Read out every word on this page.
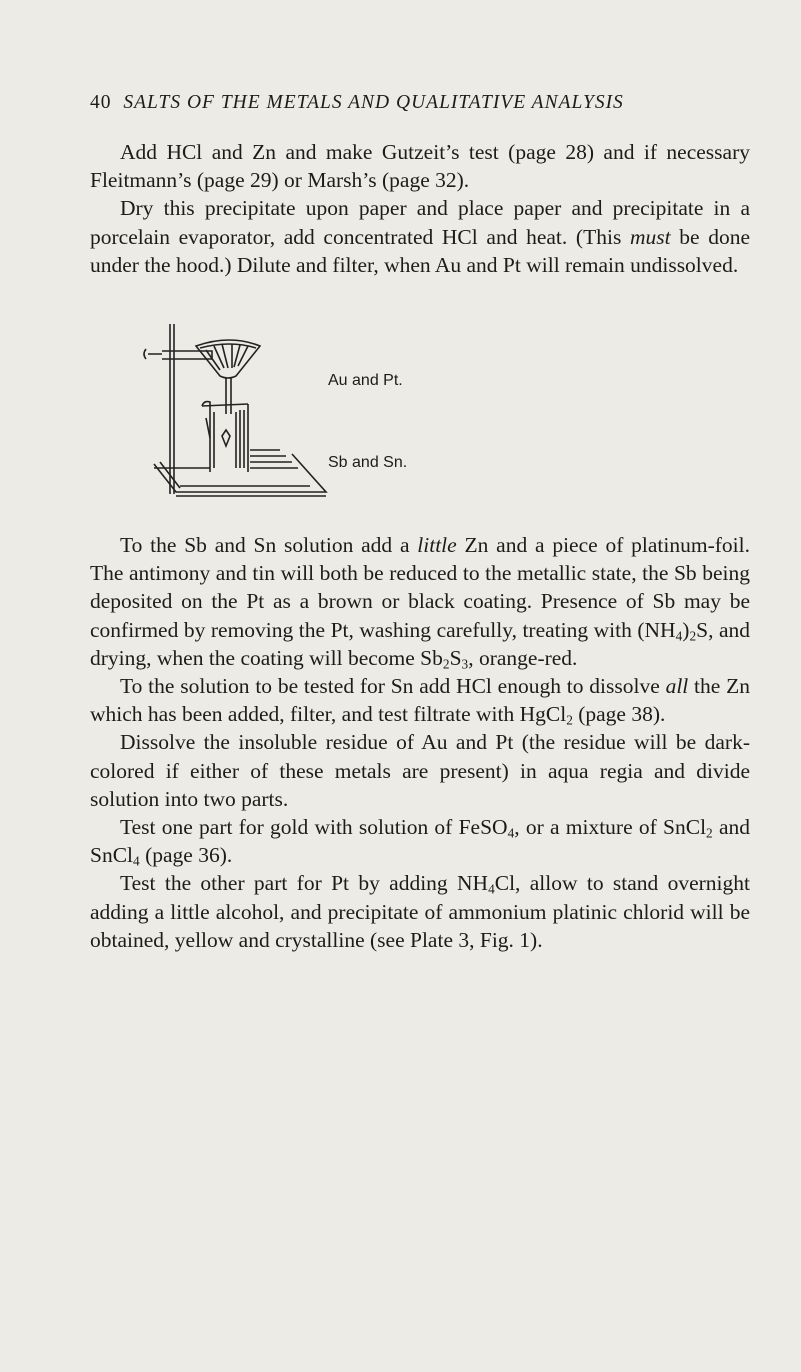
40 SALTS OF THE METALS AND QUALITATIVE ANALYSIS

Add HCl and Zn and make Gutzeit’s test (page 28) and if necessary Fleitmann’s (page 29) or Marsh’s (page 32).

Dry this precipitate upon paper and place paper and precipitate in a porcelain evaporator, add concentrated HCl and heat. (This must be done under the hood.) Dilute and filter, when Au and Pt will remain undissolved.

Au and Pt.
Sb and Sn.

To the Sb and Sn solution add a little Zn and a piece of platinum-foil. The antimony and tin will both be reduced to the metallic state, the Sb being deposited on the Pt as a brown or black coating. Presence of Sb may be confirmed by removing the Pt, washing carefully, treating with $(NH_4)_2S$, and drying, when the coating will become $Sb_2S_3$, orange-red.

To the solution to be tested for Sn add HCl enough to dissolve all the Zn which has been added, filter, and test filtrate with HgCl$_2$ (page 38).

Dissolve the insoluble residue of Au and Pt (the residue will be dark-colored if either of these metals are present) in aqua regia and divide solution into two parts.

Test one part for gold with solution of FeSO$_4$, or a mixture of SnCl$_2$ and SnCl$_4$ (page 36).

Test the other part for Pt by adding $NH_4Cl$, allow to stand overnight adding a little alcohol, and precipitate of ammonium platinic chlorid will be obtained, yellow and crystalline (see Plate 3, Fig. 1).
